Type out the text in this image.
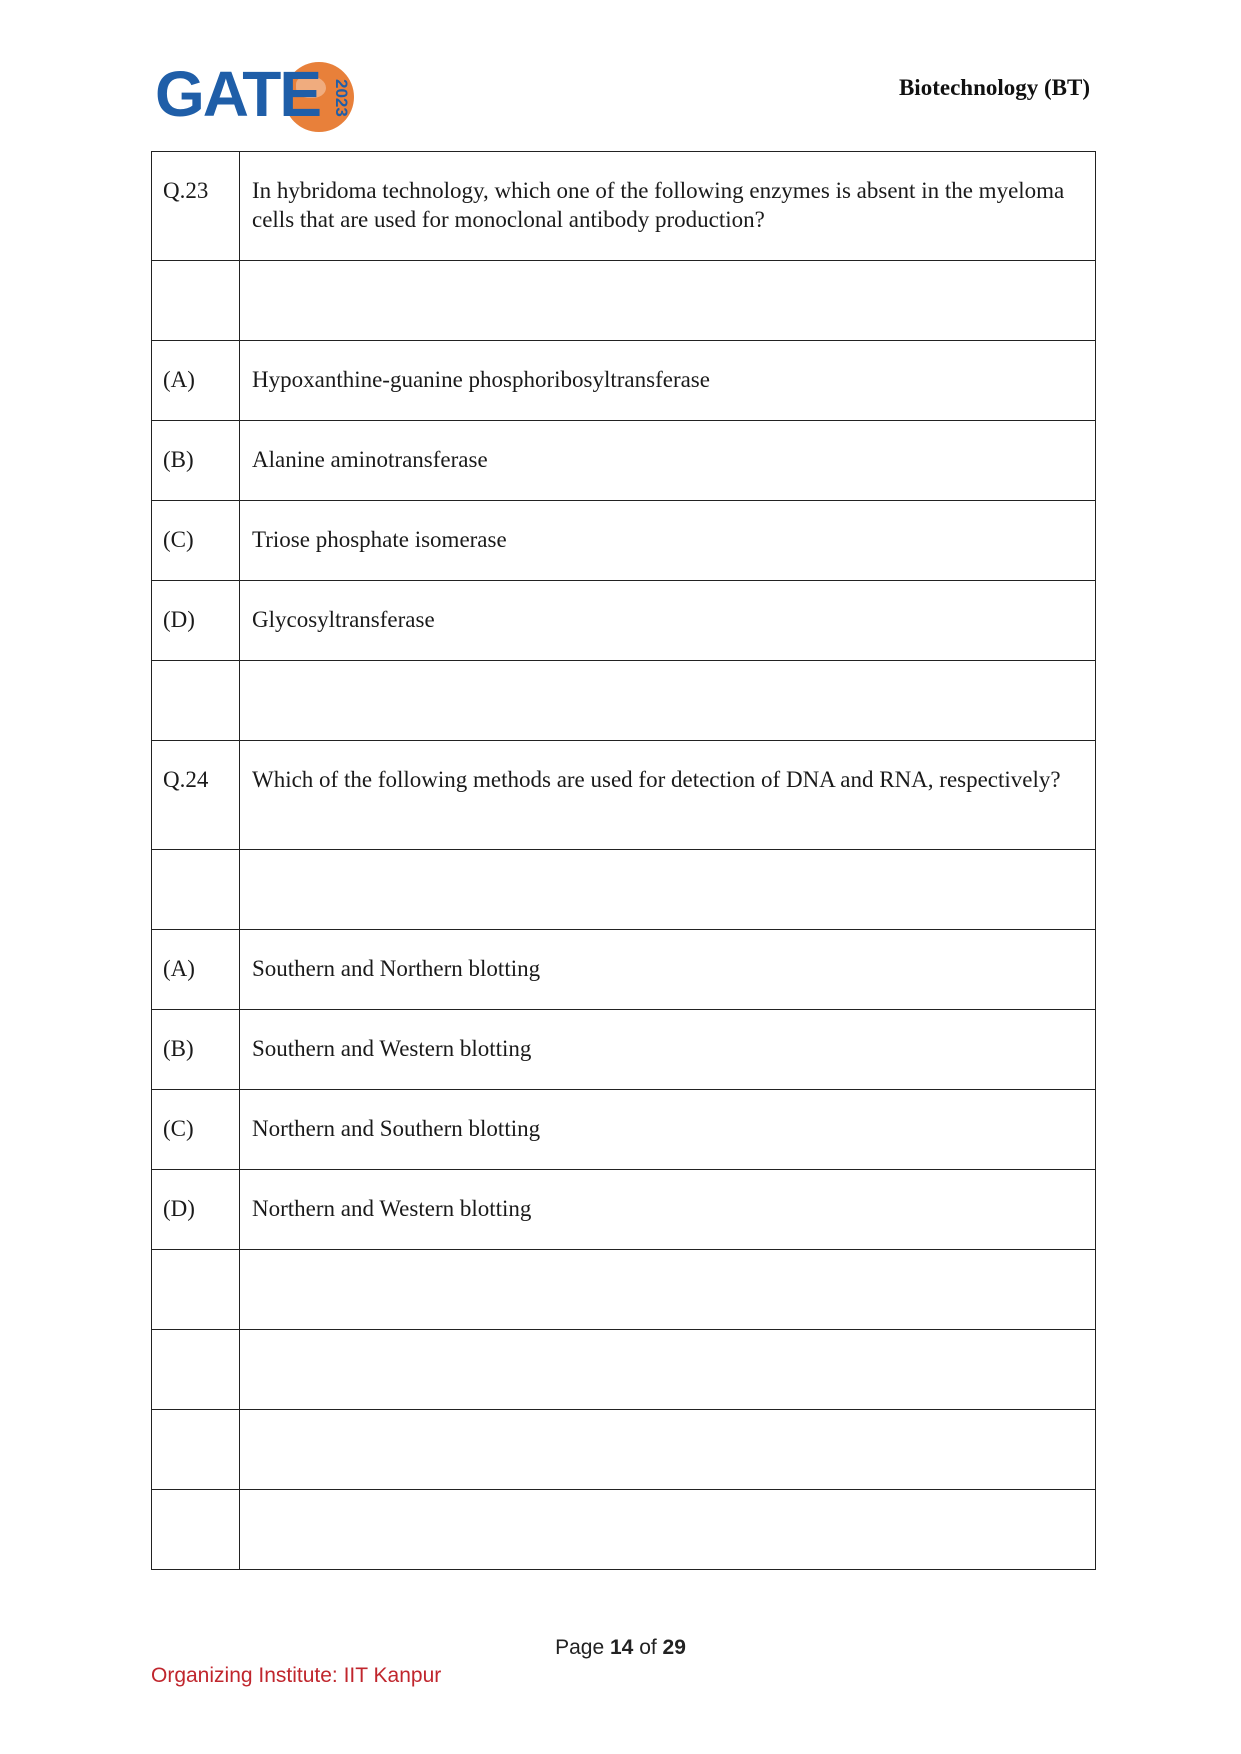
GATE 2023	Biotechnology (BT)
Q.23	In hybridoma technology, which one of the following enzymes is absent in the myeloma cells that are used for monoclonal antibody production?

(A)	Hypoxanthine-guanine phosphoribosyltransferase
(B)	Alanine aminotransferase
(C)	Triose phosphate isomerase
(D)	Glycosyltransferase

Q.24	Which of the following methods are used for detection of DNA and RNA, respectively?

(A)	Southern and Northern blotting
(B)	Southern and Western blotting
(C)	Northern and Southern blotting
(D)	Northern and Western blotting

Page 14 of 29
Organizing Institute: IIT Kanpur
